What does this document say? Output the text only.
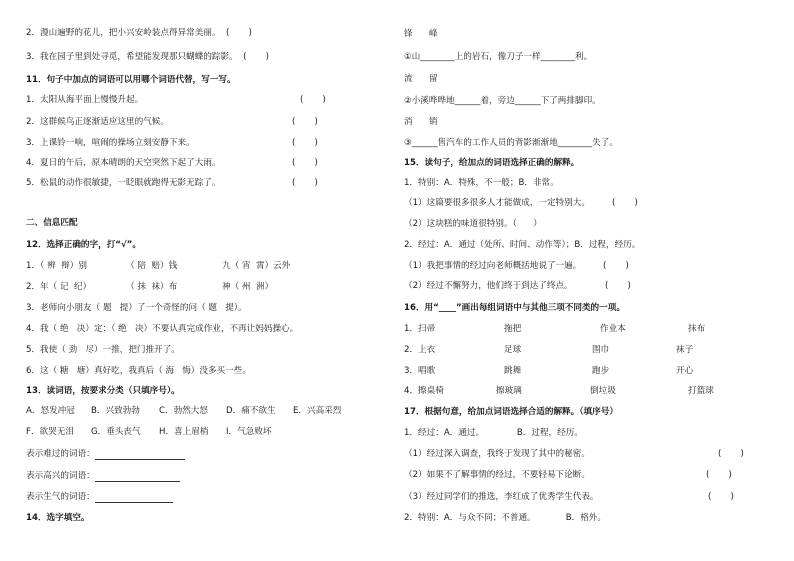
2．漫山遍野的花儿，把小兴安岭装点得异常美丽。  (       )
3．我在园子里到处寻觅，希望能发现那只蝴蝶的踪影。  (       )
11．句子中加点的词语可以用哪个词语代替，写一写。
1．太阳从海平面上慢慢升起。	(       )
2．这群候鸟正逐渐适应这里的气候。	(       )
3．上课铃一响，喧闹的操场立刻安静下来。	(       )
4．夏日的午后，原本晴朗的天空突然下起了大雨。	(       )
5．松鼠的动作很敏捷，一眨眼就跑得无影无踪了。	(       )
二、信息匹配
12．选择正确的字，打“√”。
1．（ 辨  辩）别	（ 陪  赔）钱	九（ 宵  霄）云外
2．年（ 记  纪）	（ 抹  袜）布	神（ 州  洲）
3．老师向小朋友（ 题   提）了一个奇怪的问（ 题   提）。
4．我（ 绝   决）定：（ 绝   决）不要认真完成作业，不再让妈妈操心。
5．我使（ 劲   尽）一推，把门推开了。
6．这（ 糖   塘）真好吃，我真后（ 海   悔）没多买一些。
13．读词语，按要求分类（只填序号）。
A．怒发冲冠 B．兴致勃勃 C．勃然大怒 D．痛不欲生 E．兴高采烈
F．欲哭无泪 G．垂头丧气 H．喜上眉梢 I．气急败坏
表示难过的词语：
表示高兴的词语：
表示生气的词语：
14．选字填空。
锋      峰
①山________上的岩石，像刀子一样________利。
流      留
②小溪哗哗地______着，旁边______下了两排脚印。
消      销
③______售汽车的工作人员的背影渐渐地________失了。
15．读句子，给加点的词语选择正确的解释。
1．特别：A．特殊，不一般；B．非常。
（1）这篇要很多很多人才能做成，一定特别大。	(       )
（2）这块糕的味道很特别。（      ）
2．经过：A．通过（处所、时间、动作等）；B．过程，经历。
（1）我把事情的经过向老师概括地说了一遍。	(       )
（2）经过不懈努力，他们终于到达了终点。	(       )
16．用“____”画出每组词语中与其他三项不同类的一项。
1．扫帚	拖把	作业本	抹布
2．上衣	足球	围巾	袜子
3．唱歌	跳舞	跑步	开心
4．擦桌椅	擦玻璃	倒垃圾	打篮球
17．根据句意，给加点词语选择合适的解释。（填序号）
1．经过：A．通过。            B．过程，经历。
（1）经过深入调查，我终于发现了其中的秘密。	(       )
（2）如果不了解事情的经过，不要轻易下论断。	(       )
（3）经过同学们的推选，李红成了优秀学生代表。	(       )
2．特别：A．与众不同；不普通。           B．格外。
